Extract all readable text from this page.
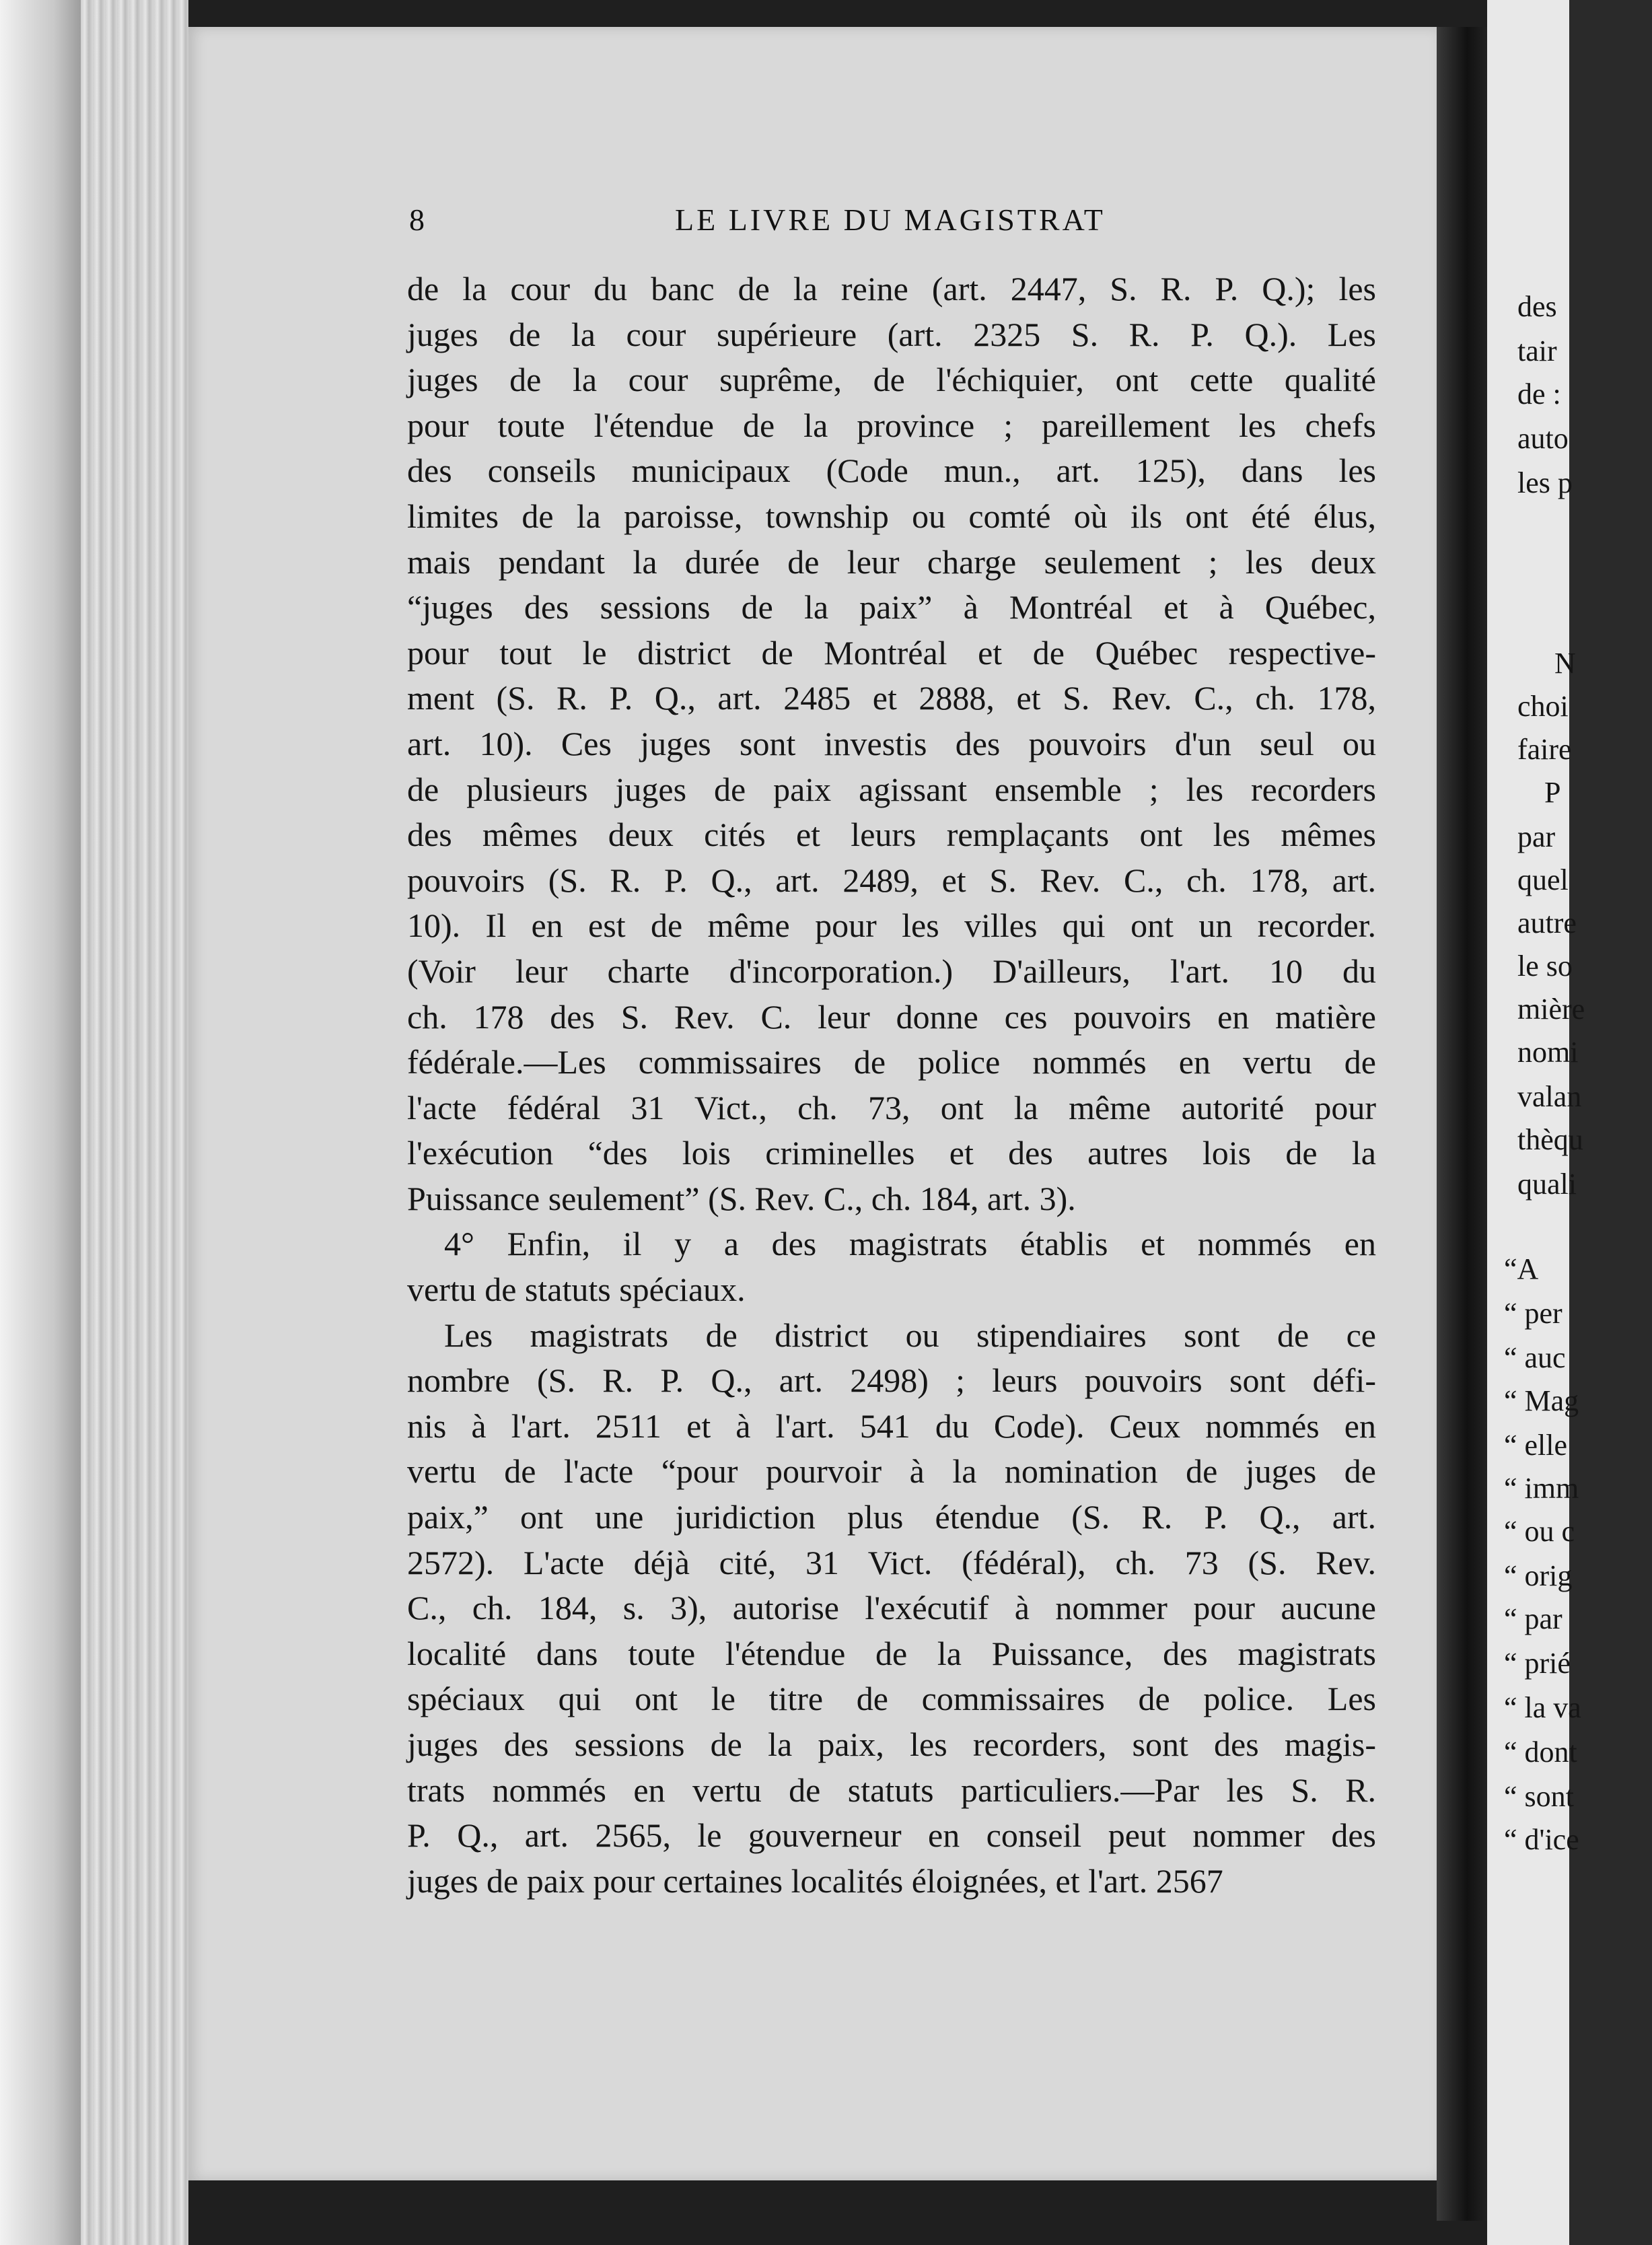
8	LE LIVRE DU MAGISTRAT
de la cour du banc de la reine (art. 2447, S. R. P. Q.); les
juges de la cour supérieure (art. 2325 S. R. P. Q.). Les
juges de la cour suprême, de l'échiquier, ont cette qualité
pour toute l'étendue de la province ; pareillement les chefs
des conseils municipaux (Code mun., art. 125), dans les
limites de la paroisse, township ou comté où ils ont été élus,
mais pendant la durée de leur charge seulement ; les deux
“juges des sessions de la paix” à Montréal et à Québec,
pour tout le district de Montréal et de Québec respective-
ment (S. R. P. Q., art. 2485 et 2888, et S. Rev. C., ch. 178,
art. 10). Ces juges sont investis des pouvoirs d'un seul ou
de plusieurs juges de paix agissant ensemble ; les recorders
des mêmes deux cités et leurs remplaçants ont les mêmes
pouvoirs (S. R. P. Q., art. 2489, et S. Rev. C., ch. 178, art.
10). Il en est de même pour les villes qui ont un recorder.
(Voir leur charte d'incorporation.) D'ailleurs, l'art. 10 du
ch. 178 des S. Rev. C. leur donne ces pouvoirs en matière
fédérale.—Les commissaires de police nommés en vertu de
l'acte fédéral 31 Vict., ch. 73, ont la même autorité pour
l'exécution “des lois criminelles et des autres lois de la
Puissance seulement” (S. Rev. C., ch. 184, art. 3).
4° Enfin, il y a des magistrats établis et nommés en
vertu de statuts spéciaux.
Les magistrats de district ou stipendiaires sont de ce
nombre (S. R. P. Q., art. 2498) ; leurs pouvoirs sont défi-
nis à l'art. 2511 et à l'art. 541 du Code). Ceux nommés en
vertu de l'acte “pour pourvoir à la nomination de juges de
paix,” ont une juridiction plus étendue (S. R. P. Q., art.
2572). L'acte déjà cité, 31 Vict. (fédéral), ch. 73 (S. Rev.
C., ch. 184, s. 3), autorise l'exécutif à nommer pour aucune
localité dans toute l'étendue de la Puissance, des magistrats
spéciaux qui ont le titre de commissaires de police. Les
juges des sessions de la paix, les recorders, sont des magis-
trats nommés en vertu de statuts particuliers.—Par les S. R.
P. Q., art. 2565, le gouverneur en conseil peut nommer des
juges de paix pour certaines localités éloignées, et l'art. 2567
des
tair
de :
auto
les p
N
choi
faire
P
par
quel
autre
le so
mière
nomi
valan
thèqu
quali
“A
“ per
“ auc
“ Mag
“ elle
“ imm
“ ou c
“ orig
“ par
“ prié
“ la va
“ dont
“ sont
“ d'ice
